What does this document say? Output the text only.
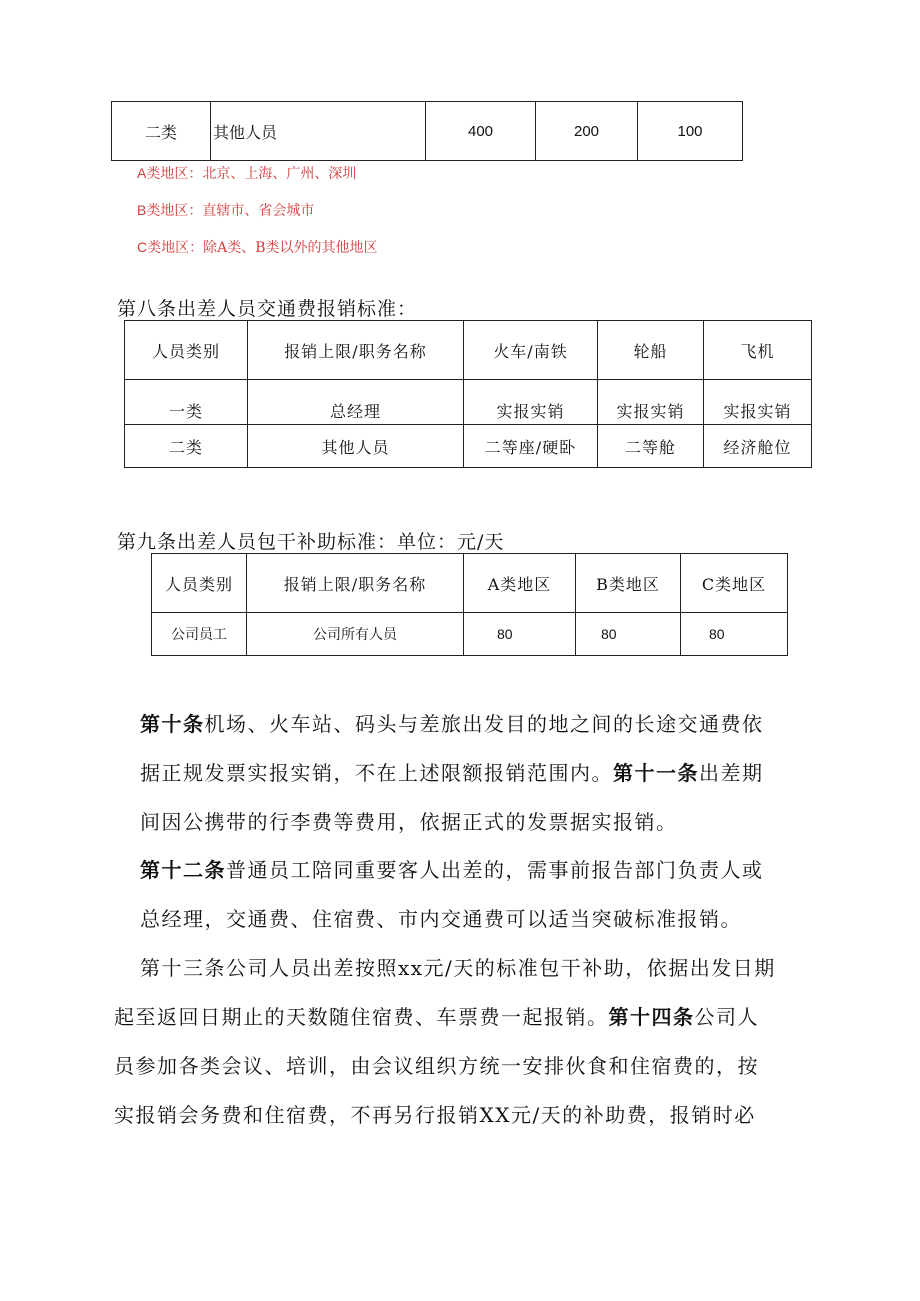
二类	其他人员	400	200	100
A类地区：北京、上海、广州、深圳
B类地区：直辖市、省会城市
C类地区：除A类、B类以外的其他地区
第八条出差人员交通费报销标准：
人员类别	报销上限/职务名称	火车/南铁	轮船	飞机
一类	总经理	实报实销	实报实销	实报实销
二类	其他人员	二等座/硬卧	二等舱	经济舱位
第九条出差人员包干补助标准：单位：元/天
人员类别	报销上限/职务名称	A类地区	B类地区	C类地区
公司员工	公司所有人员	80	80	80
第十条机场、火车站、码头与差旅出发目的地之间的长途交通费依
据正规发票实报实销，不在上述限额报销范围内。第十一条出差期
间因公携带的行李费等费用，依据正式的发票据实报销。
第十二条普通员工陪同重要客人出差的，需事前报告部门负责人或
总经理，交通费、住宿费、市内交通费可以适当突破标准报销。
第十三条公司人员出差按照xx元/天的标准包干补助，依据出发日期
起至返回日期止的天数随住宿费、车票费一起报销。第十四条公司人
员参加各类会议、培训，由会议组织方统一安排伙食和住宿费的，按
实报销会务费和住宿费，不再另行报销XX元/天的补助费，报销时必
